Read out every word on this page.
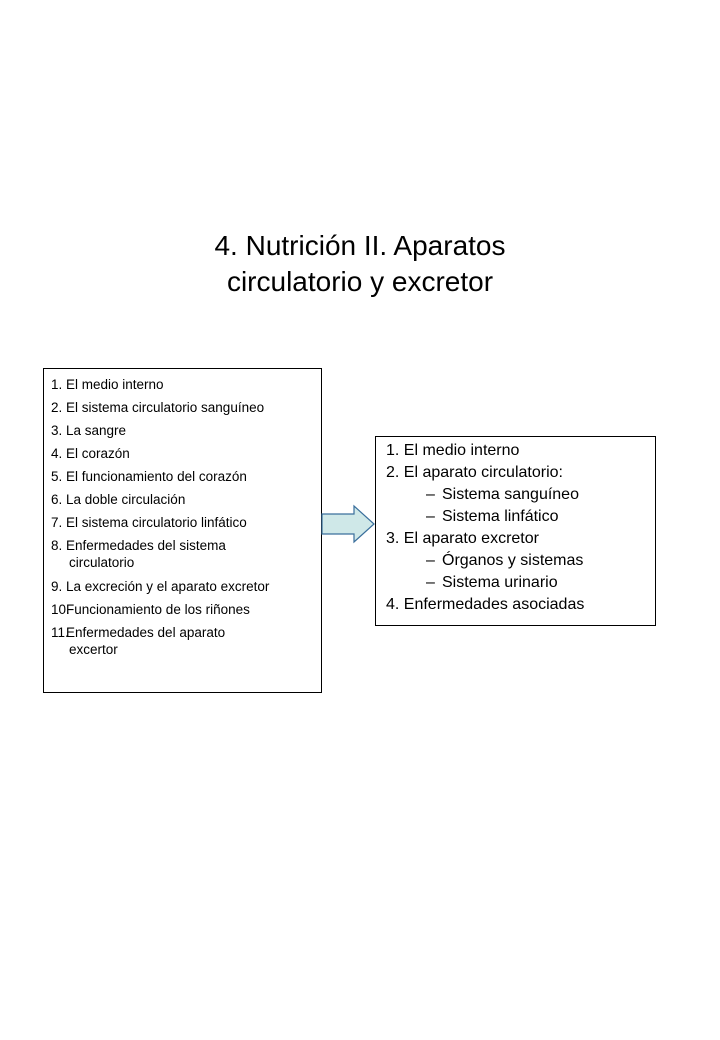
4. Nutrición II. Aparatos
circulatorio y excretor
1. El medio interno
2. El sistema circulatorio sanguíneo
3. La sangre
4. El corazón
5. El funcionamiento del corazón
6. La doble circulación
7. El sistema circulatorio linfático
8. Enfermedades del sistema
circulatorio
9. La excreción y el aparato excretor
10.Funcionamiento de los riñones
11.Enfermedades del aparato
excertor
1. El medio interno
2. El aparato circulatorio:
– Sistema sanguíneo
– Sistema linfático
3. El aparato excretor
– Órganos y sistemas
– Sistema urinario
4. Enfermedades asociadas
